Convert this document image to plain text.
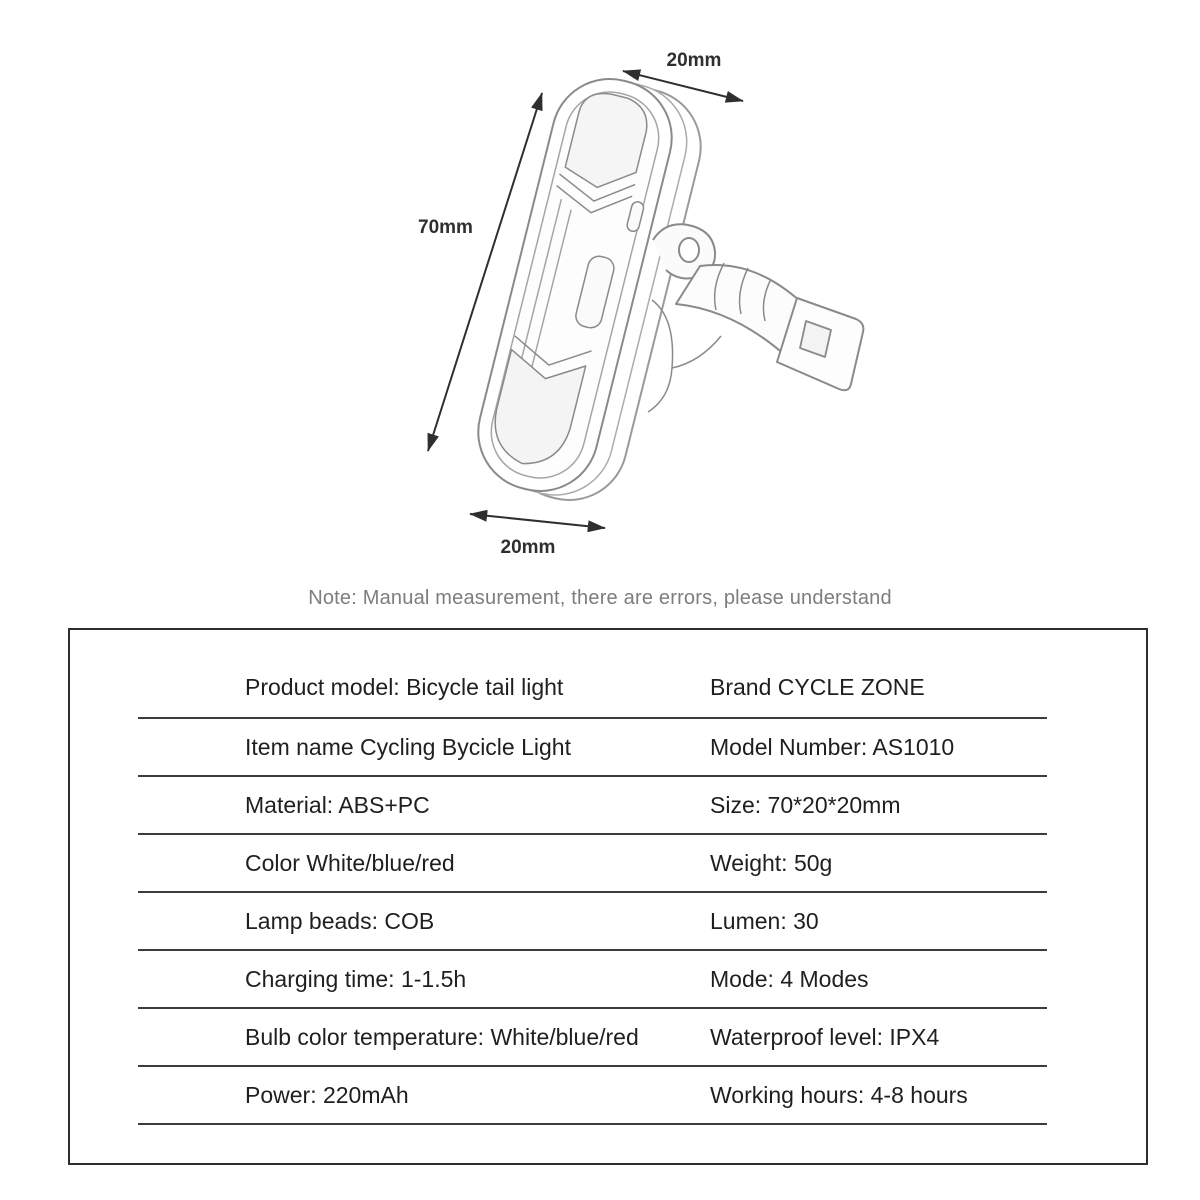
20mm
70mm
20mm
Note: Manual measurement, there are errors, please understand
Product model: Bicycle tail light	Brand CYCLE ZONE
Item name Cycling Bycicle Light	Model Number: AS1010
Material: ABS+PC	Size: 70*20*20mm
Color White/blue/red	Weight: 50g
Lamp beads: COB	Lumen: 30
Charging time: 1-1.5h	Mode: 4 Modes
Bulb color temperature: White/blue/red	Waterproof level: IPX4
Power: 220mAh	Working hours: 4-8 hours
